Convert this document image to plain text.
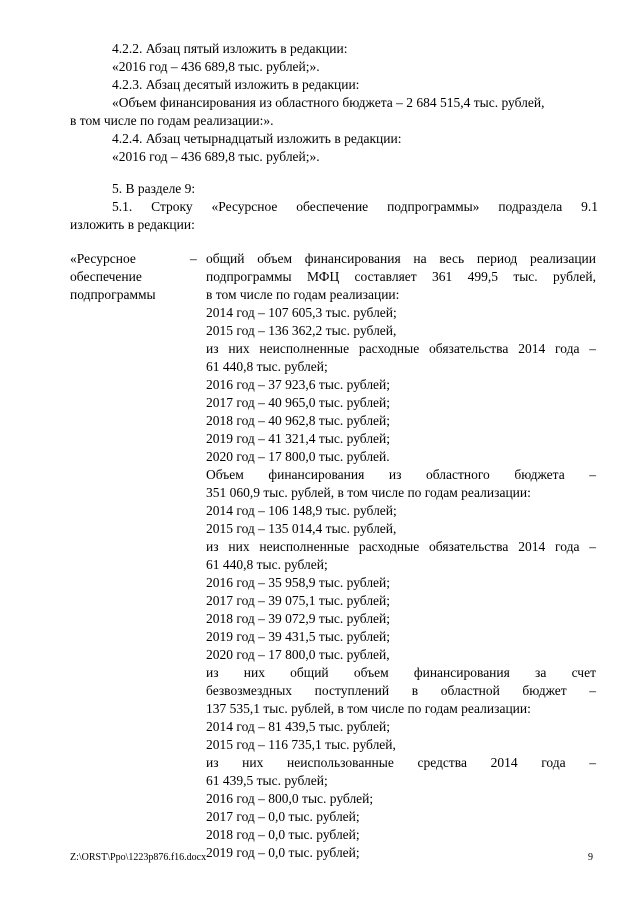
4.2.2. Абзац пятый изложить в редакции:
«2016 год – 436 689,8 тыс. рублей;».
4.2.3. Абзац десятый изложить в редакции:
«Объем финансирования из областного бюджета – 2 684 515,4 тыс. рублей,
в том числе по годам реализации:».
4.2.4. Абзац четырнадцатый изложить в редакции:
«2016 год – 436 689,8 тыс. рублей;».
5. В разделе 9:
5.1. Строку «Ресурсное обеспечение подпрограммы» подраздела 9.1
изложить в редакции:
«Ресурсное
обеспечение
подпрограммы
– общий объем финансирования на весь период реализации
подпрограммы МФЦ составляет 361 499,5 тыс. рублей,
в том числе по годам реализации:
2014 год – 107 605,3 тыс. рублей;
2015 год – 136 362,2 тыс. рублей,
из них неисполненные расходные обязательства 2014 года –
61 440,8 тыс. рублей;
2016 год – 37 923,6 тыс. рублей;
2017 год – 40 965,0 тыс. рублей;
2018 год – 40 962,8 тыс. рублей;
2019 год – 41 321,4 тыс. рублей;
2020 год – 17 800,0 тыс. рублей.
Объем финансирования из областного бюджета –
351 060,9 тыс. рублей, в том числе по годам реализации:
2014 год – 106 148,9 тыс. рублей;
2015 год – 135 014,4 тыс. рублей,
из них неисполненные расходные обязательства 2014 года –
61 440,8 тыс. рублей;
2016 год – 35 958,9 тыс. рублей;
2017 год – 39 075,1 тыс. рублей;
2018 год – 39 072,9 тыс. рублей;
2019 год – 39 431,5 тыс. рублей;
2020 год – 17 800,0 тыс. рублей,
из них общий объем финансирования за счет
безвозмездных поступлений в областной бюджет –
137 535,1 тыс. рублей, в том числе по годам реализации:
2014 год – 81 439,5 тыс. рублей;
2015 год – 116 735,1 тыс. рублей,
из них неиспользованные средства 2014 года –
61 439,5 тыс. рублей;
2016 год – 800,0 тыс. рублей;
2017 год – 0,0 тыс. рублей;
2018 год – 0,0 тыс. рублей;
2019 год – 0,0 тыс. рублей;
Z:\ORST\Ppo\1223p876.f16.docx	9
